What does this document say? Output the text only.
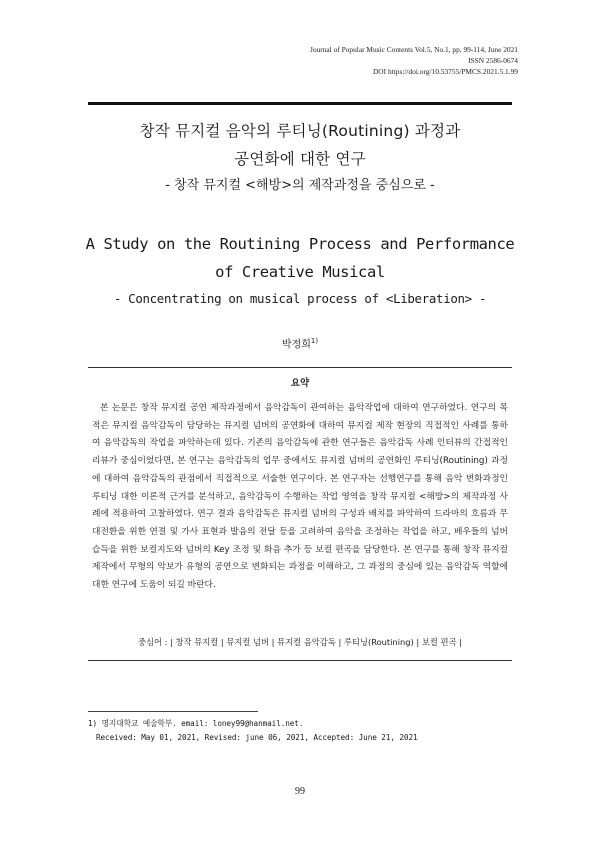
Journal of Popular Music Contents Vol.5, No.1, pp. 99-114, June 2021
ISSN 2586-0674
DOI https://doi.org/10.53755/PMCS.2021.5.1.99
창작 뮤지컬 음악의 루티닝(Routining) 과정과
공연화에 대한 연구
- 창작 뮤지컬 <해방>의 제작과정을 중심으로 -
A Study on the Routining Process and Performance
of Creative Musical
- Concentrating on musical process of <Liberation> -
박정희$^{1)}$
요약
본 논문은 창작 뮤지컬 공연 제작과정에서 음악감독이 관여하는 음악작업에 대하여 연구하였다. 연구의 목적은 뮤지컬 음악감독이 담당하는 뮤지컬 넘버의 공연화에 대하여 뮤지컬 제작 현장의 직접적인 사례를 통하여 음악감독의 작업을 파악하는데 있다. 기존의 음악감독에 관한 연구들은 음악감독 사례 인터뷰의 간접적인 리뷰가 중심이었다면, 본 연구는 음악감독의 업무 중에서도 뮤지컬 넘버의 공연화인 루티닝(Routining) 과정에 대하여 음악감독의 관점에서 직접적으로 서술한 연구이다. 본 연구자는 선행연구를 통해 음악 변화과정인 루티닝 대한 이론적 근거를 분석하고, 음악감독이 수행하는 작업 영역을 창작 뮤지컬 <해방>의 제작과정 사례에 적용하여 고찰하였다. 연구 결과 음악감독은 뮤지컬 넘버의 구성과 배치를 파악하여 드라마의 흐름과 무대전환을 위한 연결 및 가사 표현과 발음의 전달 등을 고려하여 음악을 조정하는 작업을 하고, 배우들의 넘버습득을 위한 보컬지도와 넘버의 Key 조정 및 화음 추가 등 보컬 편곡을 담당한다. 본 연구를 통해 창작 뮤지컬 제작에서 무형의 악보가 유형의 공연으로 변화되는 과정을 이해하고, 그 과정의 중심에 있는 음악감독 역할에 대한 연구에 도움이 되길 바란다.
중심어 : | 창작 뮤지컬 | 뮤지컬 넘버 | 뮤지컬 음악감독 | 루티닝(Routining) | 보컬 편곡 |
1) 명지대학교 예술학부. email: loney99@hanmail.net.
Received: May 01, 2021, Revised: june 06, 2021, Accepted: June 21, 2021
99
